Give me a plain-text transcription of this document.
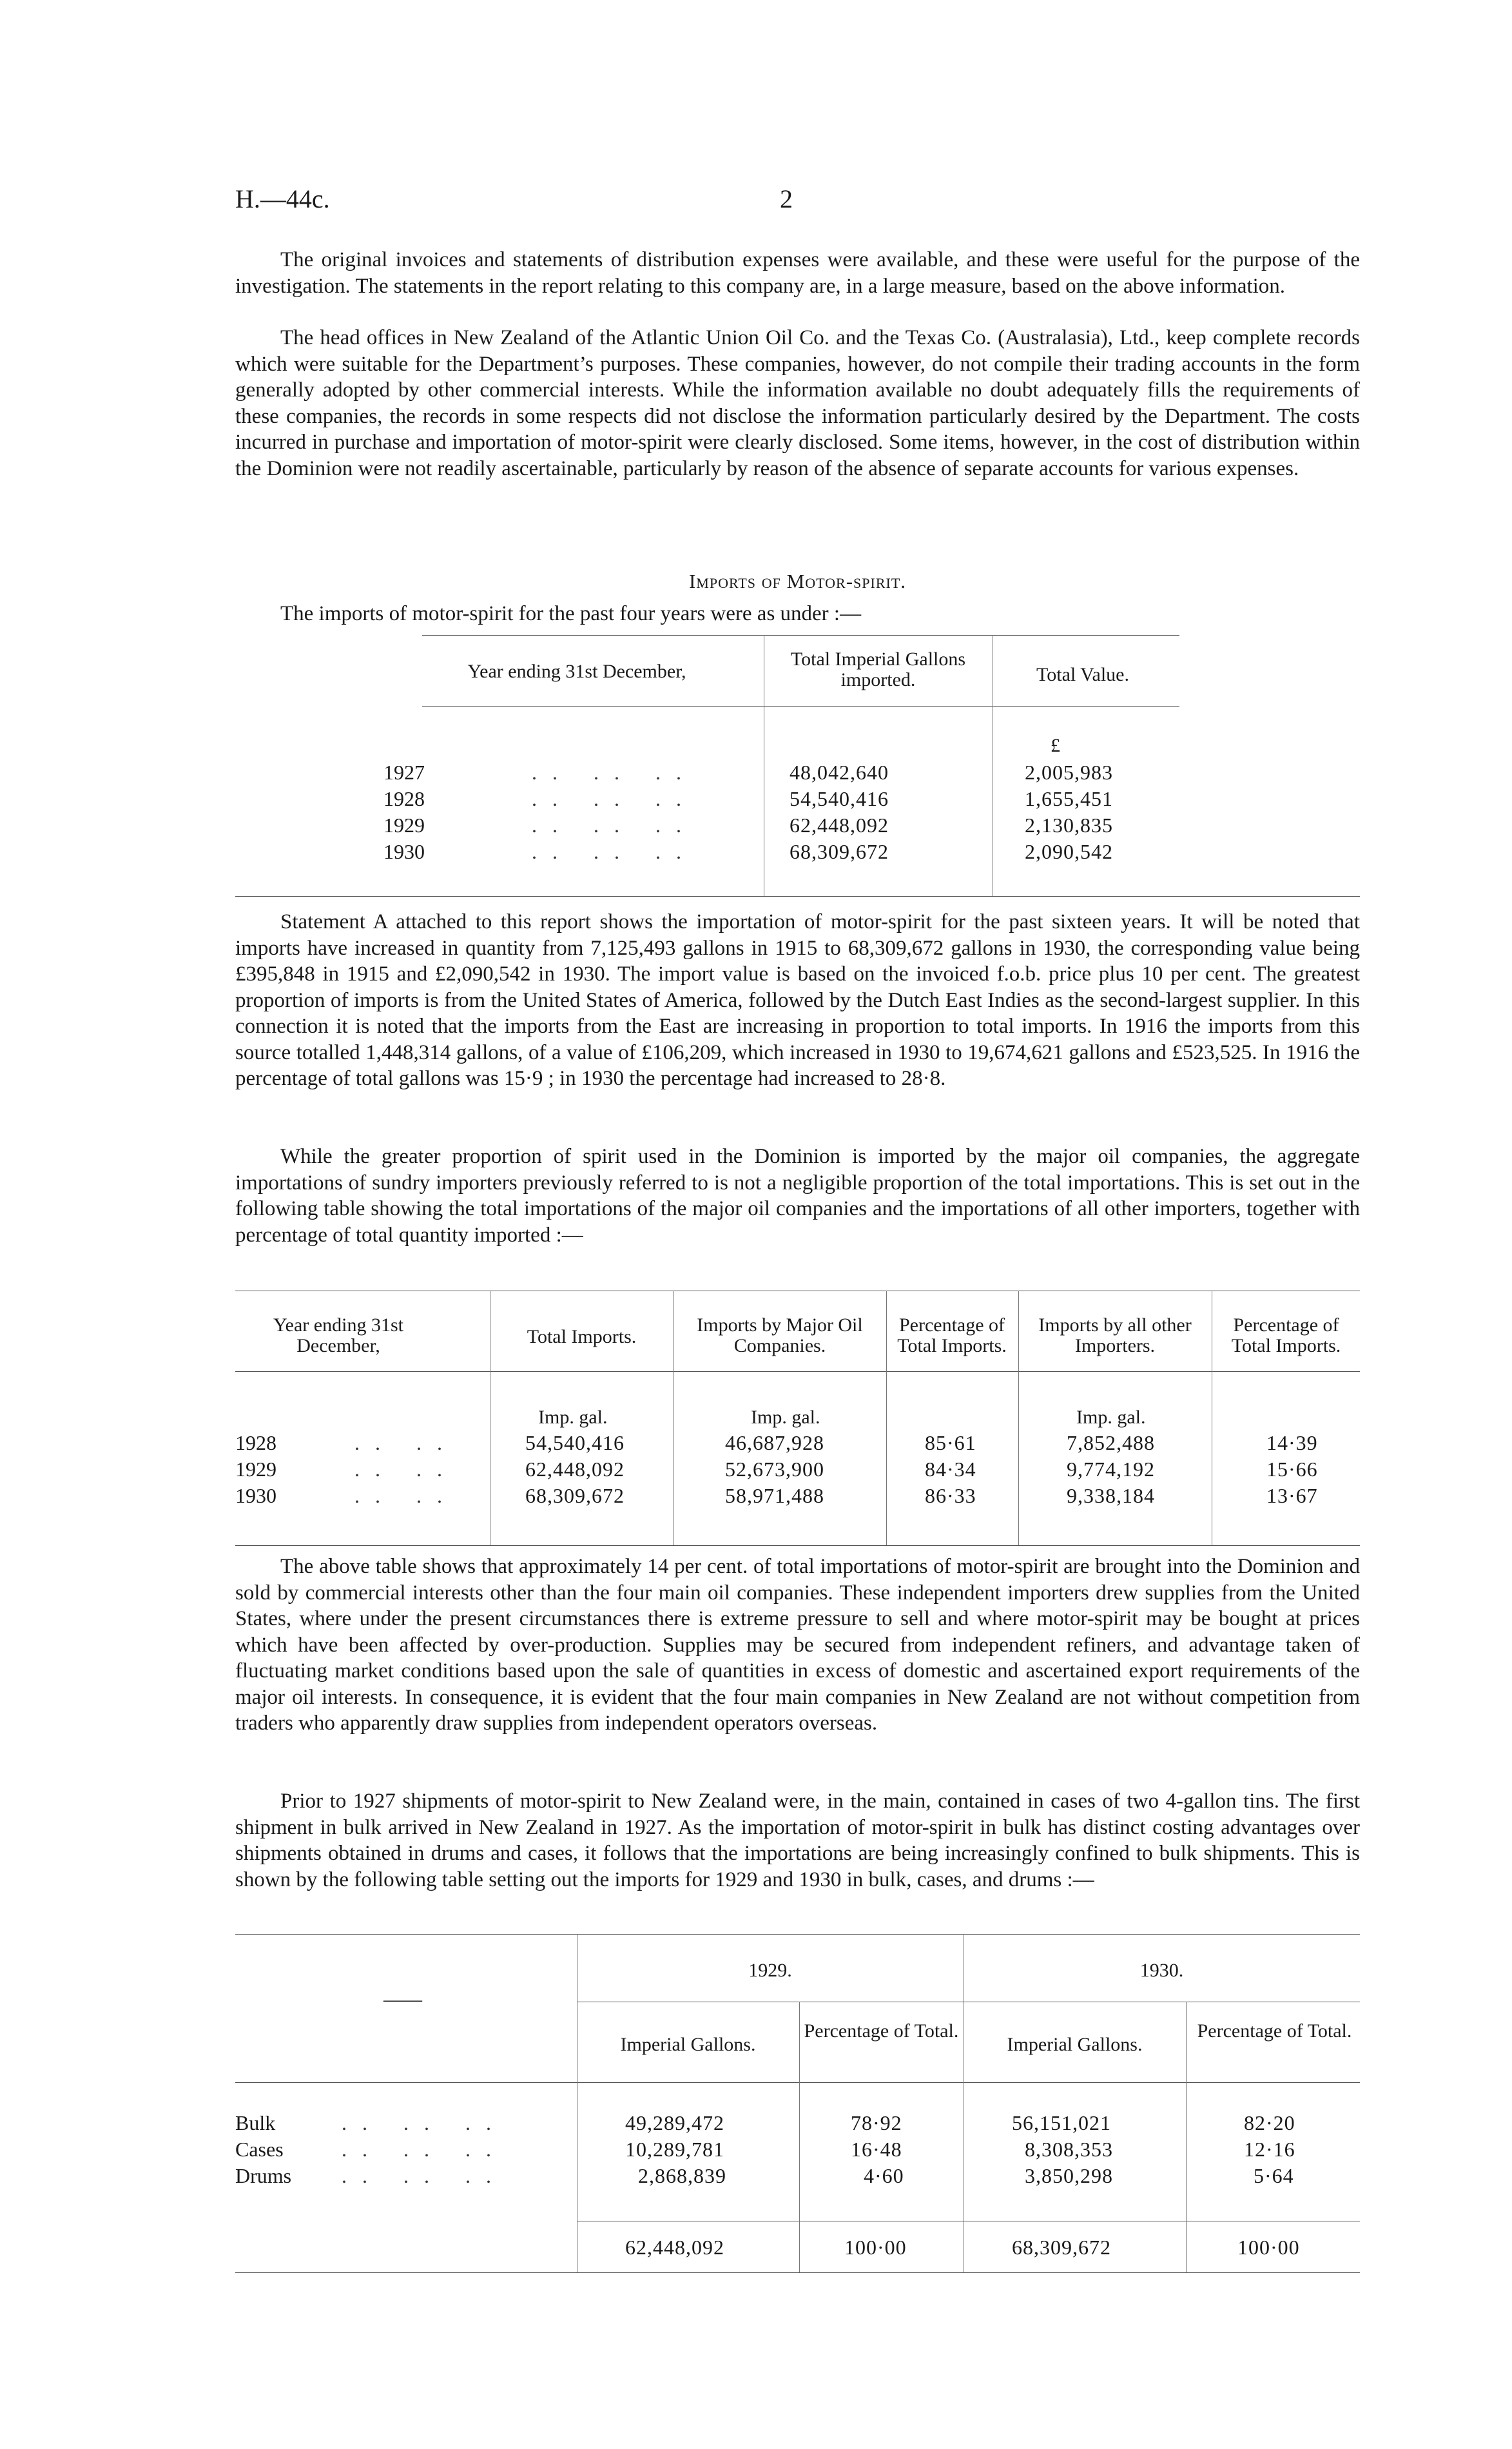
H.—44c.	2

The original invoices and statements of distribution expenses were available, and these were useful for the purpose of the investigation. The statements in the report relating to this company are, in a large measure, based on the above information.

The head offices in New Zealand of the Atlantic Union Oil Co. and the Texas Co. (Australasia), Ltd., keep complete records which were suitable for the Department’s purposes. These companies, however, do not compile their trading accounts in the form generally adopted by other commercial interests. While the information available no doubt adequately fills the requirements of these companies, the records in some respects did not disclose the information particularly desired by the Department. The costs incurred in purchase and importation of motor-spirit were clearly disclosed. Some items, however, in the cost of distribution within the Dominion were not readily ascertainable, particularly by reason of the absence of separate accounts for various expenses.

Imports of Motor-spirit.
The imports of motor-spirit for the past four years were as under :—
Year ending 31st December,
Total Imperial Gallons imported.	Total Value.
£
1927	.. .. ..	48,042,640	2,005,983
1928	.. .. ..	54,540,416	1,655,451
1929	.. .. ..	62,448,092	2,130,835
1930	.. .. ..	68,309,672	2,090,542

Statement A attached to this report shows the importation of motor-spirit for the past sixteen years. It will be noted that imports have increased in quantity from 7,125,493 gallons in 1915 to 68,309,672 gallons in 1930, the corresponding value being £395,848 in 1915 and £2,090,542 in 1930. The import value is based on the invoiced f.o.b. price plus 10 per cent. The greatest proportion of imports is from the United States of America, followed by the Dutch East Indies as the second-largest supplier. In this connection it is noted that the imports from the East are increasing in proportion to total imports. In 1916 the imports from this source totalled 1,448,314 gallons, of a value of £106,209, which increased in 1930 to 19,674,621 gallons and £523,525. In 1916 the percentage of total gallons was 15·9 ; in 1930 the percentage had increased to 28·8.

While the greater proportion of spirit used in the Dominion is imported by the major oil companies, the aggregate importations of sundry importers previously referred to is not a negligible proportion of the total importations. This is set out in the following table showing the total importations of the major oil companies and the importations of all other importers, together with percentage of total quantity imported :—

Year ending 31st December,	Total Imports.
Imports by Major Oil Companies.
Percentage of Total Imports.
Imports by all other Importers.
Percentage of Total Imports.
Imp. gal.	Imp. gal.	Imp. gal.
1928	.. ..	54,540,416	46,687,928	85·61	7,852,488	14·39
1929	.. ..	62,448,092	52,673,900	84·34	9,774,192	15·66
1930	.. ..	68,309,672	58,971,488	86·33	9,338,184	13·67

The above table shows that approximately 14 per cent. of total importations of motor-spirit are brought into the Dominion and sold by commercial interests other than the four main oil companies. These independent importers drew supplies from the United States, where under the present circumstances there is extreme pressure to sell and where motor-spirit may be bought at prices which have been affected by over-production. Supplies may be secured from independent refiners, and advantage taken of fluctuating market conditions based upon the sale of quantities in excess of domestic and ascertained export requirements of the major oil interests. In consequence, it is evident that the four main companies in New Zealand are not without competition from traders who apparently draw supplies from independent operators overseas.

Prior to 1927 shipments of motor-spirit to New Zealand were, in the main, contained in cases of two 4-gallon tins. The first shipment in bulk arrived in New Zealand in 1927. As the importation of motor-spirit in bulk has distinct costing advantages over shipments obtained in drums and cases, it follows that the importations are being increasingly confined to bulk shipments. This is shown by the following table setting out the imports for 1929 and 1930 in bulk, cases, and drums :—

——
1929.	1930.
Imperial Gallons.
Percentage of Total.
Imperial Gallons.
Percentage of Total.
Bulk	.. .. ..	49,289,472	78·92	56,151,021	82·20
Cases	.. .. ..	10,289,781	16·48	8,308,353	12·16
Drums .. .. ..	2,868,839	4·60	3,850,298	5·64
62,448,092	100·00	68,309,672	100·00
